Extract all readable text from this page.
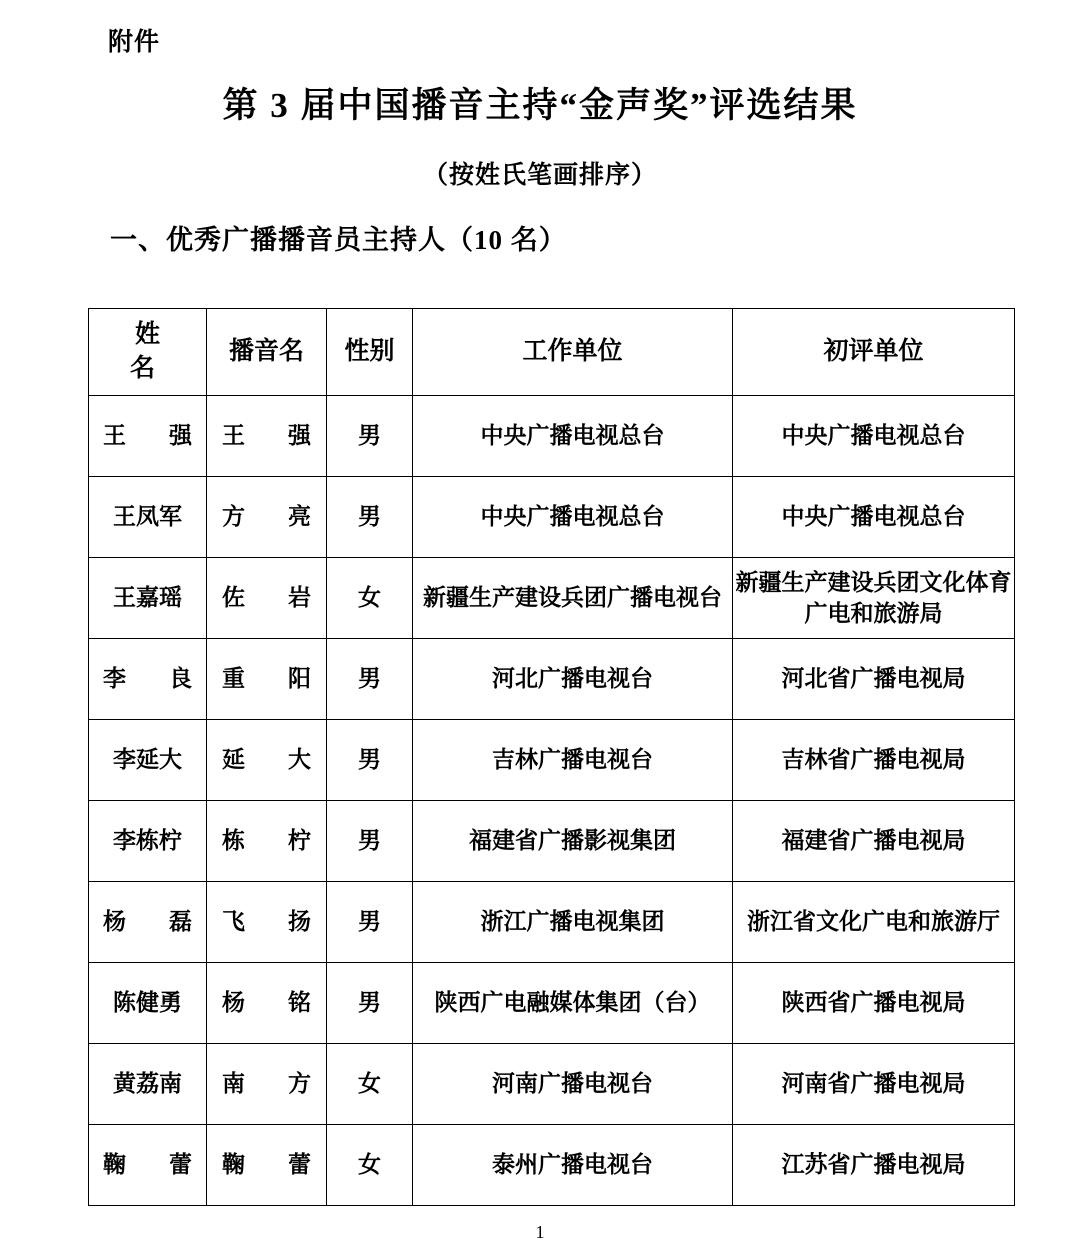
附件
第 3 届中国播音主持“金声奖”评选结果
（按姓氏笔画排序）
一、优秀广播播音员主持人（10 名）
姓　名	播音名	性别	工作单位	初评单位
王　强	王　强	男	中央广播电视总台	中央广播电视总台
王凤军	方　亮	男	中央广播电视总台	中央广播电视总台
王嘉瑶	佐　岩	女	新疆生产建设兵团广播电视台	新疆生产建设兵团文化体育广电和旅游局
李　良	重　阳	男	河北广播电视台	河北省广播电视局
李延大	延　大	男	吉林广播电视台	吉林省广播电视局
李栋柠	栋　柠	男	福建省广播影视集团	福建省广播电视局
杨　磊	飞　扬	男	浙江广播电视集团	浙江省文化广电和旅游厅
陈健勇	杨　铭	男	陕西广电融媒体集团（台）	陕西省广播电视局
黄荔南	南　方	女	河南广播电视台	河南省广播电视局
鞠　蕾	鞠　蕾	女	泰州广播电视台	江苏省广播电视局
1
